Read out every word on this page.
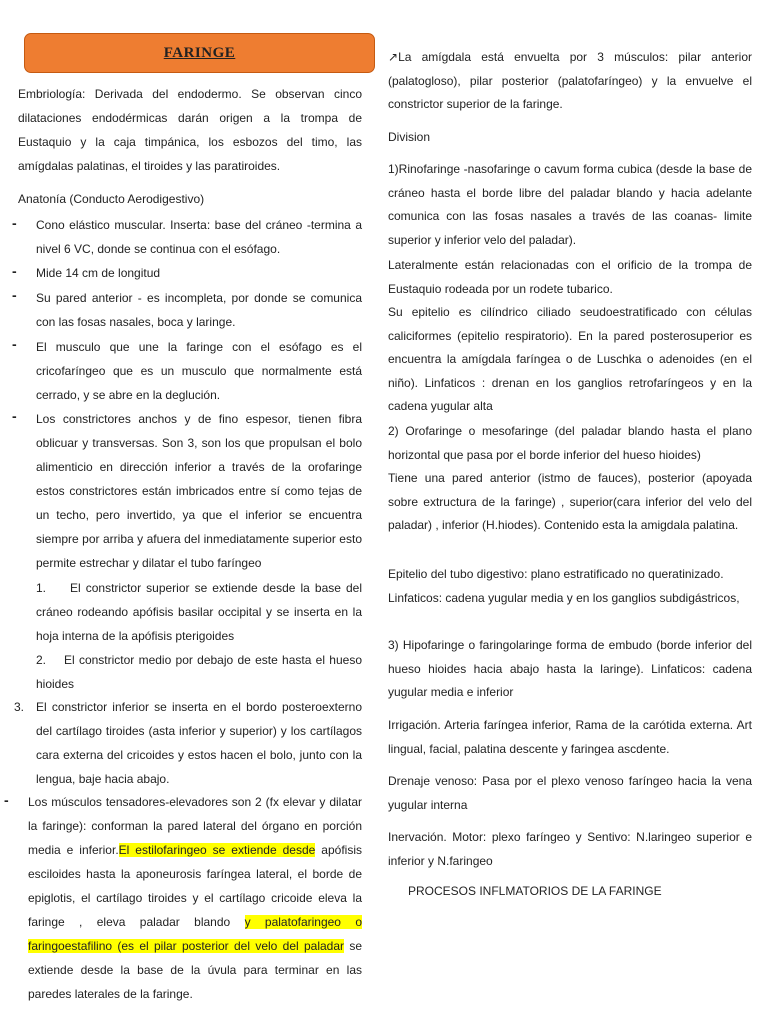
FARINGE

Embriología: Derivada del endodermo. Se observan cinco dilataciones endodérmicas darán origen a la trompa de Eustaquio y la caja timpánica, los esbozos del timo, las amígdalas palatinas, el tiroides y las paratiroides.

Anatonía (Conducto Aerodigestivo)

- Cono elástico muscular. Inserta: base del cráneo -termina a nivel 6 VC, donde se continua con el esófago.

- Mide 14 cm de longitud

- Su pared anterior - es incompleta, por donde se comunica con las fosas nasales, boca y laringe.

- El musculo que une la faringe con el esófago es el cricofaríngeo que es un musculo que normalmente está cerrado, y se abre en la deglución.

- Los constrictores anchos y de fino espesor, tienen fibra oblicuar y transversas. Son 3, son los que propulsan el bolo alimenticio en dirección inferior a través de la orofaringe estos constrictores están imbricados entre sí como tejas de un techo, pero invertido, ya que el inferior se encuentra siempre por arriba y afuera del inmediatamente superior esto permite estrechar y dilatar el tubo faríngeo

1.	El constrictor superior se extiende desde la base del cráneo rodeando apófisis basilar occipital y se inserta en la hoja interna de la apófisis pterigoides

2.	El constrictor medio por debajo de este hasta el hueso hioides

3. El constrictor inferior se inserta en el bordo posteroexterno del cartílago tiroides (asta inferior y superior) y los cartílagos cara externa del cricoides y estos hacen el bolo, junto con la lengua, baje hacia abajo.

- Los músculos tensadores-elevadores son 2 (fx elevar y dilatar la faringe): conforman la pared lateral del órgano en porción media e inferior.El estilofaringeo se extiende desde apófisis esciloides hasta la aponeurosis faríngea lateral, el borde de epiglotis, el cartílago tiroides y el cartílago cricoide eleva la faringe , eleva paladar blando y palatofaringeo o faringoestafilino (es el pilar posterior del velo del paladar se extiende desde la base de la úvula para terminar en las paredes laterales de la faringe.

↗La amígdala está envuelta por 3 músculos: pilar anterior (palatogloso), pilar posterior (palatofaríngeo) y la envuelve el constrictor superior de la faringe.

Division

1)Rinofaringe -nasofaringe o cavum forma cubica (desde la base de cráneo hasta el borde libre del paladar blando y hacia adelante comunica con las fosas nasales a través de las coanas- limite superior y inferior velo del paladar).

Lateralmente están relacionadas con el orificio de la trompa de Eustaquio rodeada por un rodete tubarico.

Su epitelio es cilíndrico ciliado seudoestratificado con células caliciformes (epitelio respiratorio). En la pared posterosuperior es encuentra la amígdala faríngea o de Luschka o adenoides (en el niño). Linfaticos : drenan en los ganglios retrofaríngeos y en la cadena yugular alta

2) Orofaringe o mesofaringe (del paladar blando hasta el plano horizontal que pasa por el borde inferior del hueso hioides)

Tiene una pared anterior (istmo de fauces), posterior (apoyada sobre extructura de la faringe) , superior(cara inferior del velo del paladar) , inferior (H.hiodes). Contenido esta la amigdala palatina.

Epitelio del tubo digestivo: plano estratificado no queratinizado.

Linfaticos: cadena yugular media y en los ganglios subdigástricos,

3) Hipofaringe o faringolaringe forma de embudo (borde inferior del hueso hioides hacia abajo hasta la laringe). Linfaticos: cadena yugular media e inferior

Irrigación. Arteria faríngea inferior, Rama de la carótida externa. Art lingual, facial, palatina descente y faringea ascdente.

Drenaje venoso: Pasa por el plexo venoso faríngeo hacia la vena yugular interna

Inervación. Motor: plexo faríngeo y Sentivo: N.laringeo superior e inferior y N.faringeo

PROCESOS INFLMATORIOS DE LA FARINGE
